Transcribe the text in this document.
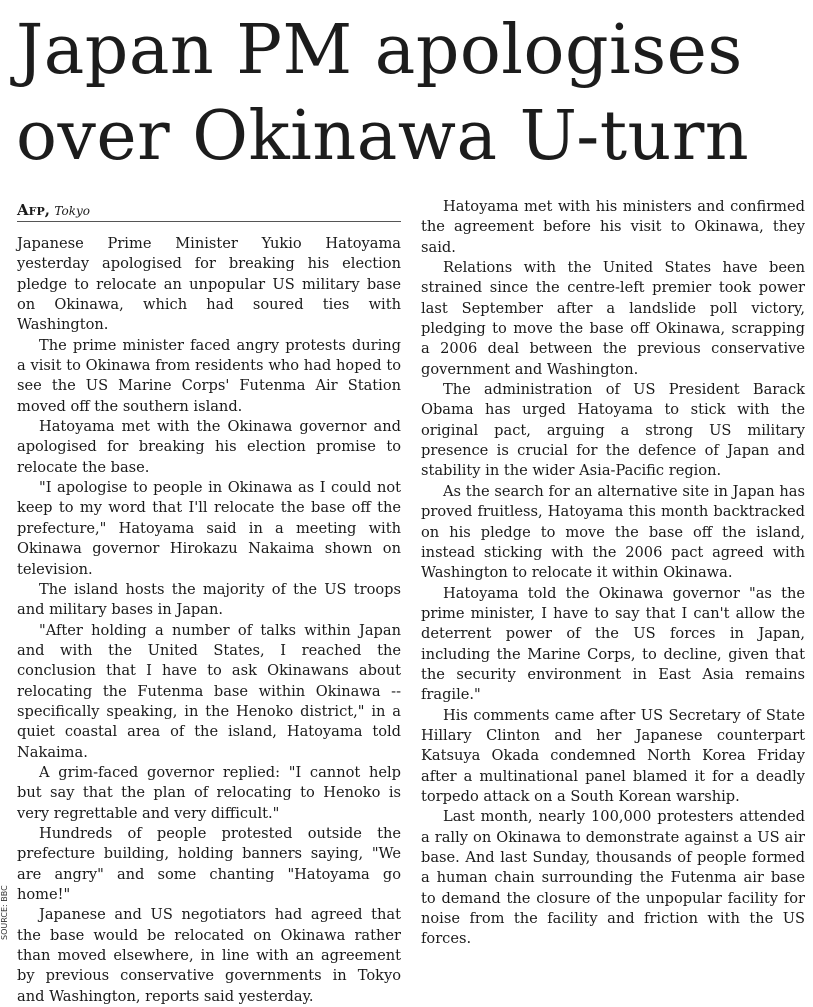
Japan PM apologises
over Okinawa U-turn
Afp, Tokyo

Japanese Prime Minister Yukio Hatoyama yesterday apologised for breaking his election pledge to relocate an unpopular US military base on Okinawa, which had soured ties with Washington.

The prime minister faced angry protests during a visit to Okinawa from residents who had hoped to see the US Marine Corps' Futenma Air Station moved off the southern island.

Hatoyama met with the Okinawa governor and apologised for breaking his election promise to relocate the base.

"I apologise to people in Okinawa as I could not keep to my word that I'll relocate the base off the prefecture," Hatoyama said in a meeting with Okinawa governor Hirokazu Nakaima shown on television.

The island hosts the majority of the US troops and military bases in Japan.

"After holding a number of talks within Japan and with the United States, I reached the conclusion that I have to ask Okinawans about relocating the Futenma base within Okinawa -- specifically speaking, in the Henoko district," in a quiet coastal area of the island, Hatoyama told Nakaima.

A grim-faced governor replied: "I cannot help but say that the plan of relocating to Henoko is very regrettable and very difficult."

Hundreds of people protested outside the prefecture building, holding banners saying, "We are angry" and some chanting "Hatoyama go home!"

Japanese and US negotiators had agreed that the base would be relocated on Okinawa rather than moved elsewhere, in line with an agreement by previous conservative governments in Tokyo and Washington, reports said yesterday.

Hatoyama met with his ministers and confirmed the agreement before his visit to Okinawa, they said.

Relations with the United States have been strained since the centre-left premier took power last September after a landslide poll victory, pledging to move the base off Okinawa, scrapping a 2006 deal between the previous conservative government and Washington.

The administration of US President Barack Obama has urged Hatoyama to stick with the original pact, arguing a strong US military presence is crucial for the defence of Japan and stability in the wider Asia-Pacific region.

As the search for an alternative site in Japan has proved fruitless, Hatoyama this month backtracked on his pledge to move the base off the island, instead sticking with the 2006 pact agreed with Washington to relocate it within Okinawa.

Hatoyama told the Okinawa governor "as the prime minister, I have to say that I can't allow the deterrent power of the US forces in Japan, including the Marine Corps, to decline, given that the security environment in East Asia remains fragile."

His comments came after US Secretary of State Hillary Clinton and her Japanese counterpart Katsuya Okada condemned North Korea Friday after a multinational panel blamed it for a deadly torpedo attack on a South Korean warship.

Last month, nearly 100,000 protesters attended a rally on Okinawa to demonstrate against a US air base. And last Sunday, thousands of people formed a human chain surrounding the Futenma air base to demand the closure of the unpopular facility for noise from the facility and friction with the US forces.

SOURCE: BBC
